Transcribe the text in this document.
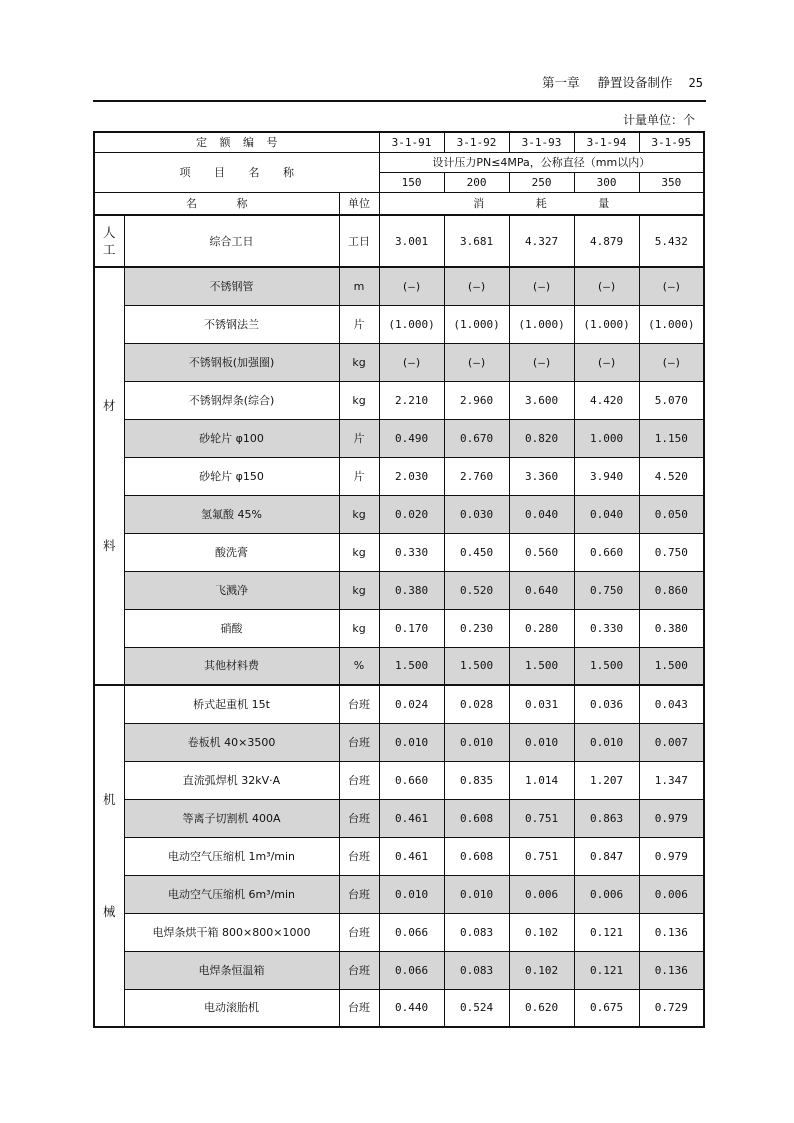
第一章 静置设备制作 25
计量单位：个
定 额 编 号			3-1-91	3-1-92	3-1-93	3-1-94	3-1-95
项 目 名 称			设计压力PN≤4MPa，公称直径（mm以内）				
			150	200	250	300	350
名 称		单位	消 耗 量				

人
工	综合工日	工日	3.001	3.681	4.327	4.879	5.432

材
料	不锈钢管	m	(—)	(—)	(—)	(—)	(—)
	不锈钢法兰	片	(1.000)	(1.000)	(1.000)	(1.000)	(1.000)
	不锈钢板(加强圈)	kg	(—)	(—)	(—)	(—)	(—)
	不锈钢焊条(综合)	kg	2.210	2.960	3.600	4.420	5.070
	砂轮片 φ100	片	0.490	0.670	0.820	1.000	1.150
	砂轮片 φ150	片	2.030	2.760	3.360	3.940	4.520
	氢氟酸 45%	kg	0.020	0.030	0.040	0.040	0.050
	酸洗膏	kg	0.330	0.450	0.560	0.660	0.750
	飞溅净	kg	0.380	0.520	0.640	0.750	0.860
	硝酸	kg	0.170	0.230	0.280	0.330	0.380
	其他材料费	%	1.500	1.500	1.500	1.500	1.500

机
械	桥式起重机 15t	台班	0.024	0.028	0.031	0.036	0.043
	卷板机 40×3500	台班	0.010	0.010	0.010	0.010	0.007
	直流弧焊机 32kV·A	台班	0.660	0.835	1.014	1.207	1.347
	等离子切割机 400A	台班	0.461	0.608	0.751	0.863	0.979
	电动空气压缩机 1m³/min	台班	0.461	0.608	0.751	0.847	0.979
	电动空气压缩机 6m³/min	台班	0.010	0.010	0.006	0.006	0.006
	电焊条烘干箱 800×800×1000	台班	0.066	0.083	0.102	0.121	0.136
	电焊条恒温箱	台班	0.066	0.083	0.102	0.121	0.136
	电动滚胎机	台班	0.440	0.524	0.620	0.675	0.729
